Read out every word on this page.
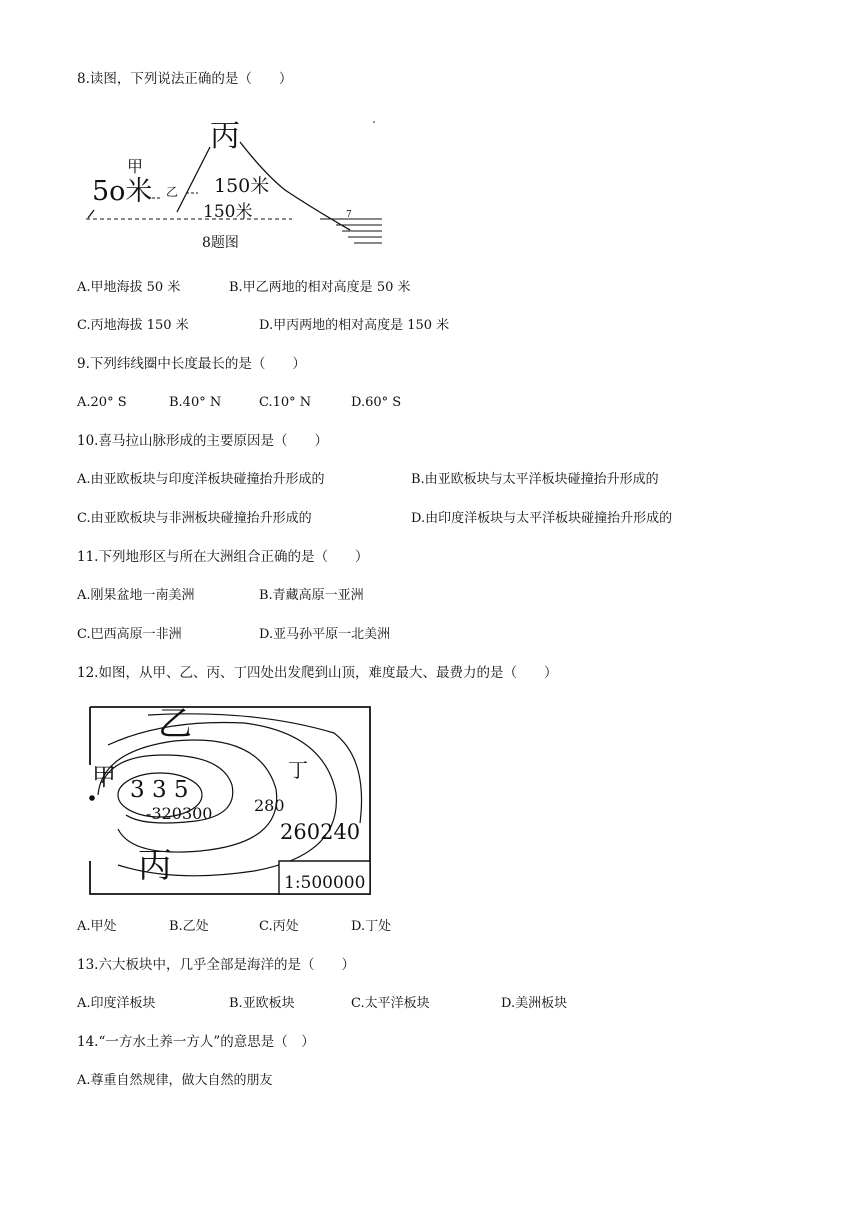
8.读图，下列说法正确的是（　　）
丙
甲
5o米 乙 150米
150米	7
8题图
A.甲地海拔 50 米	B.甲乙两地的相对高度是 50 米
C.丙地海拔 150 米	D.甲丙两地的相对高度是 150 米
9.下列纬线圈中长度最长的是（　　）
A.20° S	B.40° N	C.10° N	D.60° S
10.喜马拉山脉形成的主要原因是（　　）
A.由亚欧板块与印度洋板块碰撞抬升形成的	B.由亚欧板块与太平洋板块碰撞抬升形成的
C.由亚欧板块与非洲板块碰撞抬升形成的	D.由印度洋板块与太平洋板块碰撞抬升形成的
11.下列地形区与所在大洲组合正确的是（　　）
A.刚果盆地一南美洲	B.青藏高原一亚洲
C.巴西高原一非洲	D.亚马孙平原一北美洲
12.如图，从甲、乙、丙、丁四处出发爬到山顶，难度最大、最费力的是（　　）
乙
甲	丁
3 3 5
-320300	280
260240
丙	1:500000
A.甲处	B.乙处	C.丙处	D.丁处
13.六大板块中，几乎全部是海洋的是（　　）
A.印度洋板块	B.亚欧板块	C.太平洋板块	D.美洲板块
14.“一方水土养一方人”的意思是（　）
A.尊重自然规律，做大自然的朋友
